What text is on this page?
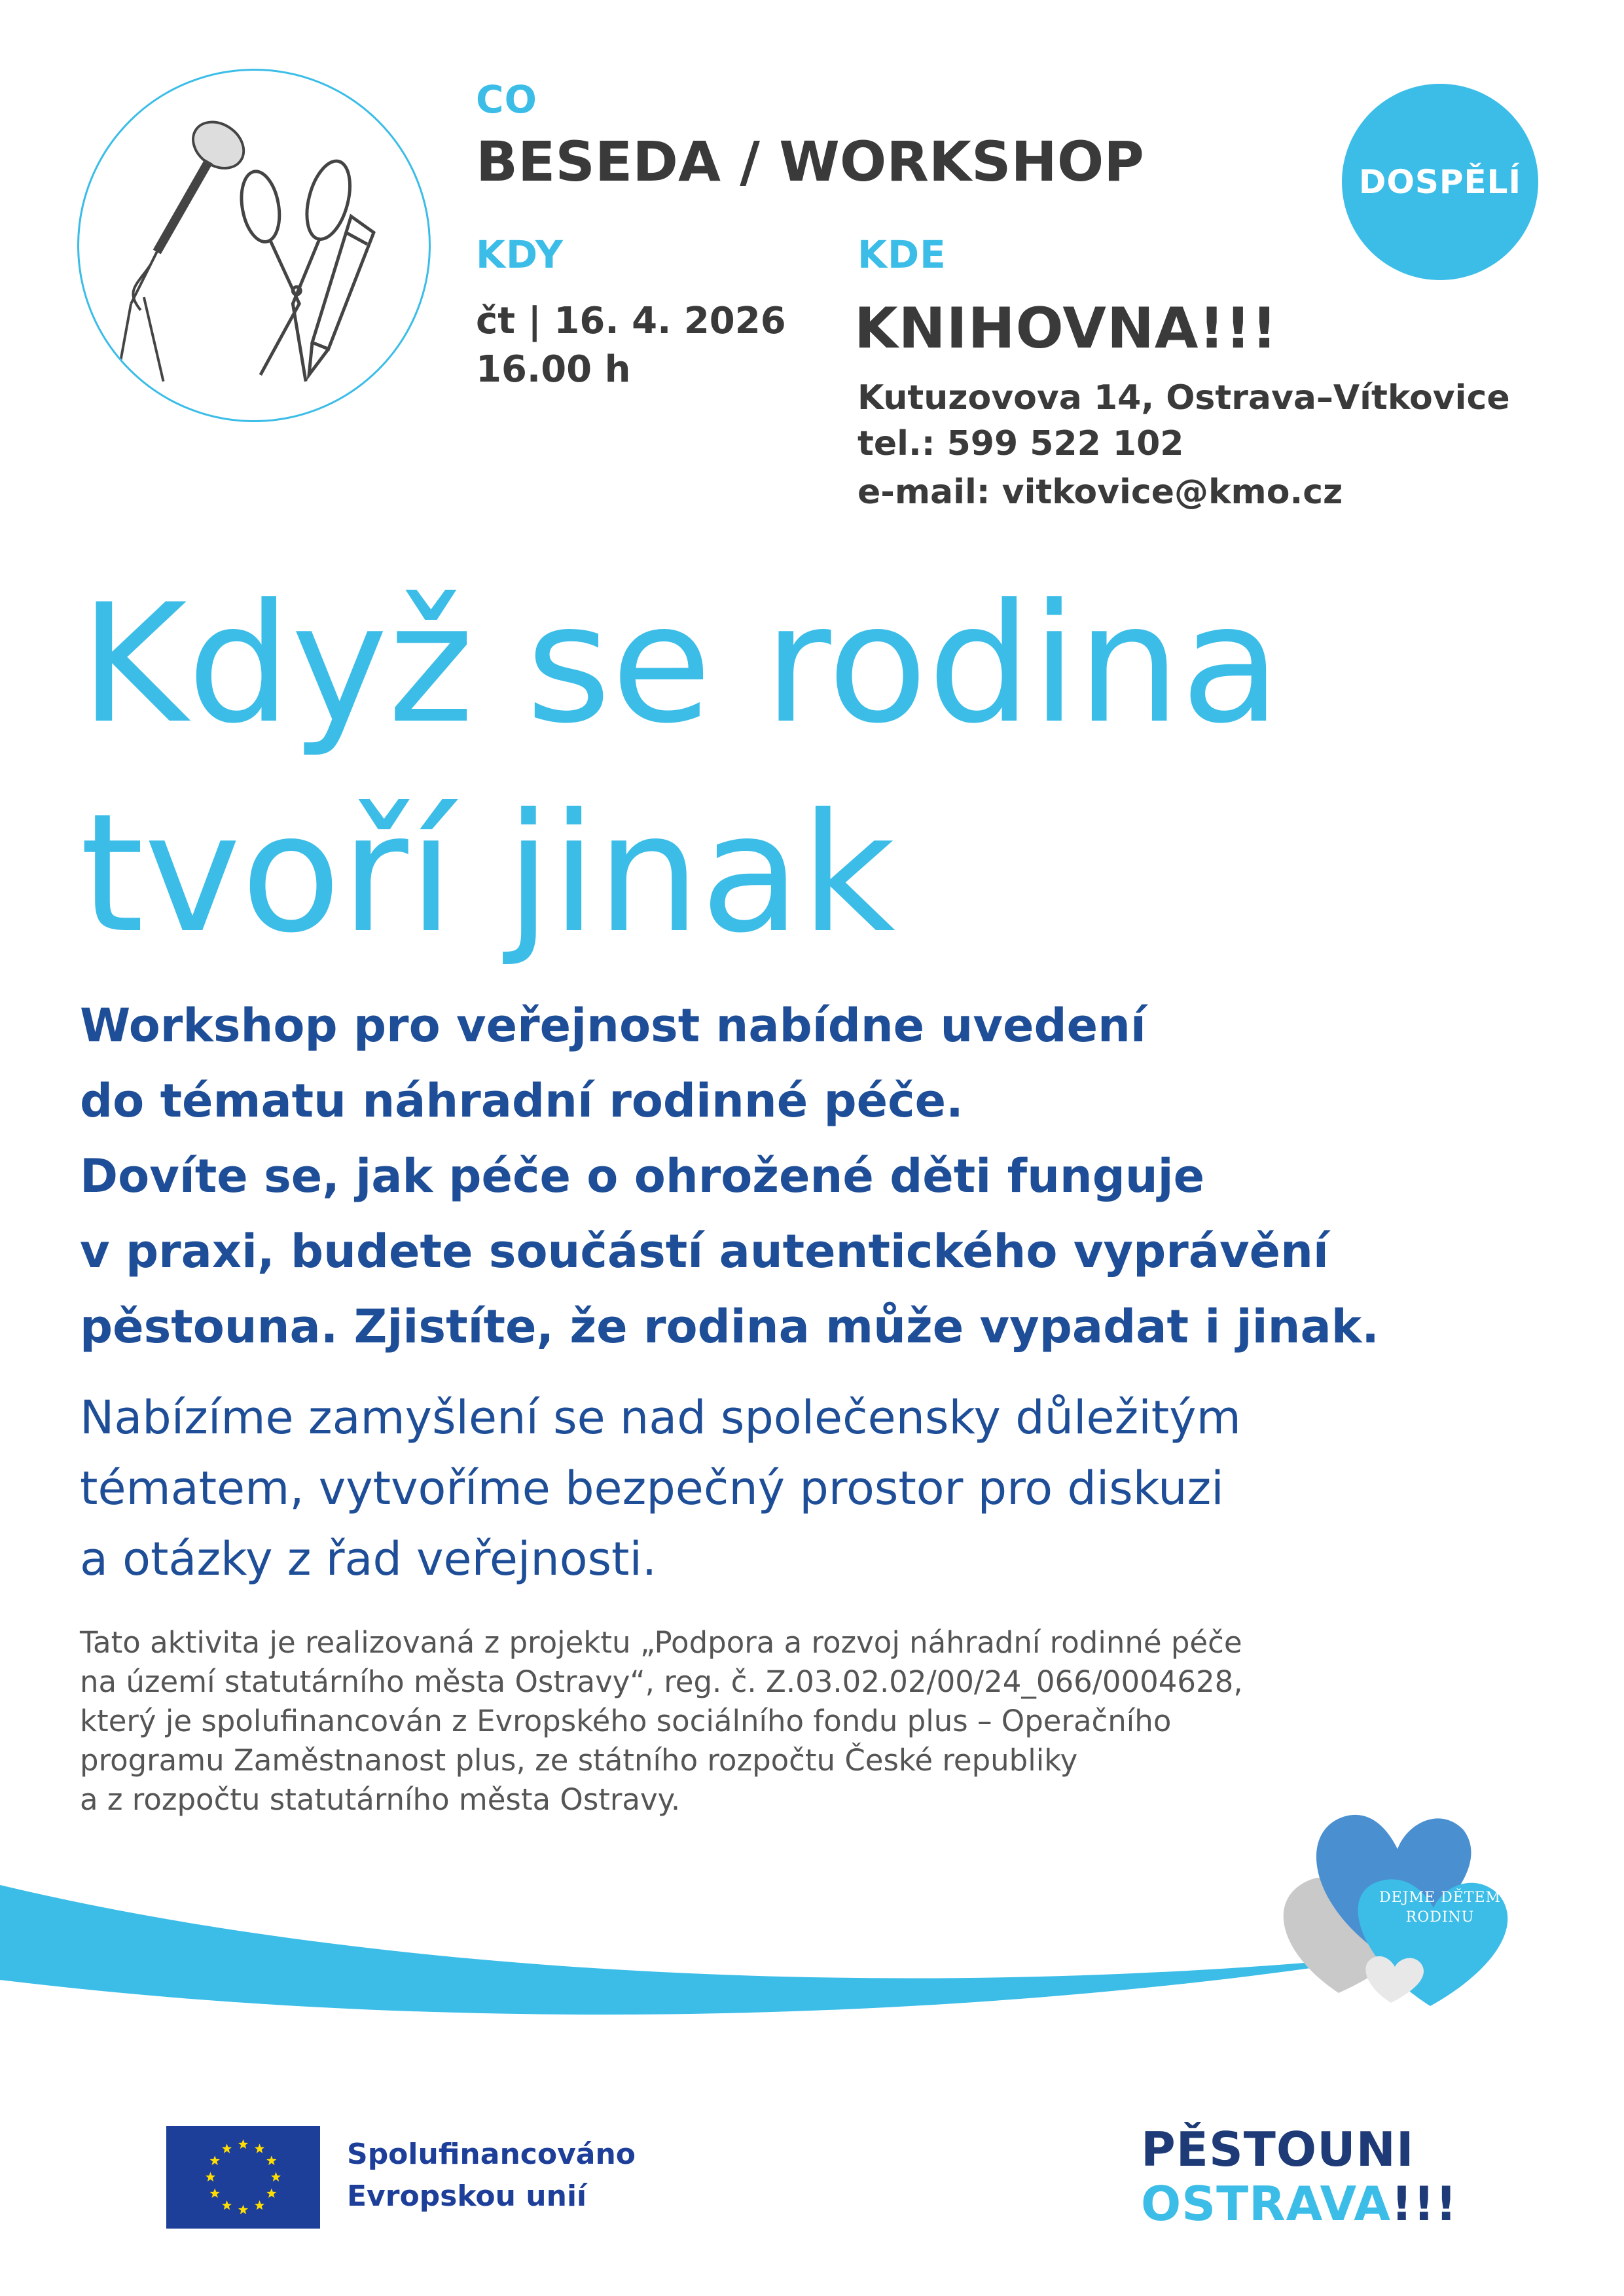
CO
BESEDA / WORKSHOP
KDY
čt | 16. 4. 2026
16.00 h
KDE
KNIHOVNA!!!
Kutuzovova 14, Ostrava–Vítkovice
tel.: 599 522 102
e-mail: vitkovice@kmo.cz
DOSPĚLÍ
Když se rodina
tvoří jinak
Workshop pro veřejnost nabídne uvedení
do tématu náhradní rodinné péče.
Dovíte se, jak péče o ohrožené děti funguje
v praxi, budete součástí autentického vyprávění
pěstouna. Zjistíte, že rodina může vypadat i jinak.
Nabízíme zamyšlení se nad společensky důležitým
tématem, vytvoříme bezpečný prostor pro diskuzi
a otázky z řad veřejnosti.
Tato aktivita je realizovaná z projektu „Podpora a rozvoj náhradní rodinné péče
na území statutárního města Ostravy“, reg. č. Z.03.02.02/00/24_066/0004628,
který je spolufinancován z Evropského sociálního fondu plus – Operačního
programu Zaměstnanost plus, ze státního rozpočtu České republiky
a z rozpočtu statutárního města Ostravy.
DEJME DĚTEM
RODINU
Spolufinancováno
Evropskou unií
PĚSTOUNI
OSTRAVA!!!
